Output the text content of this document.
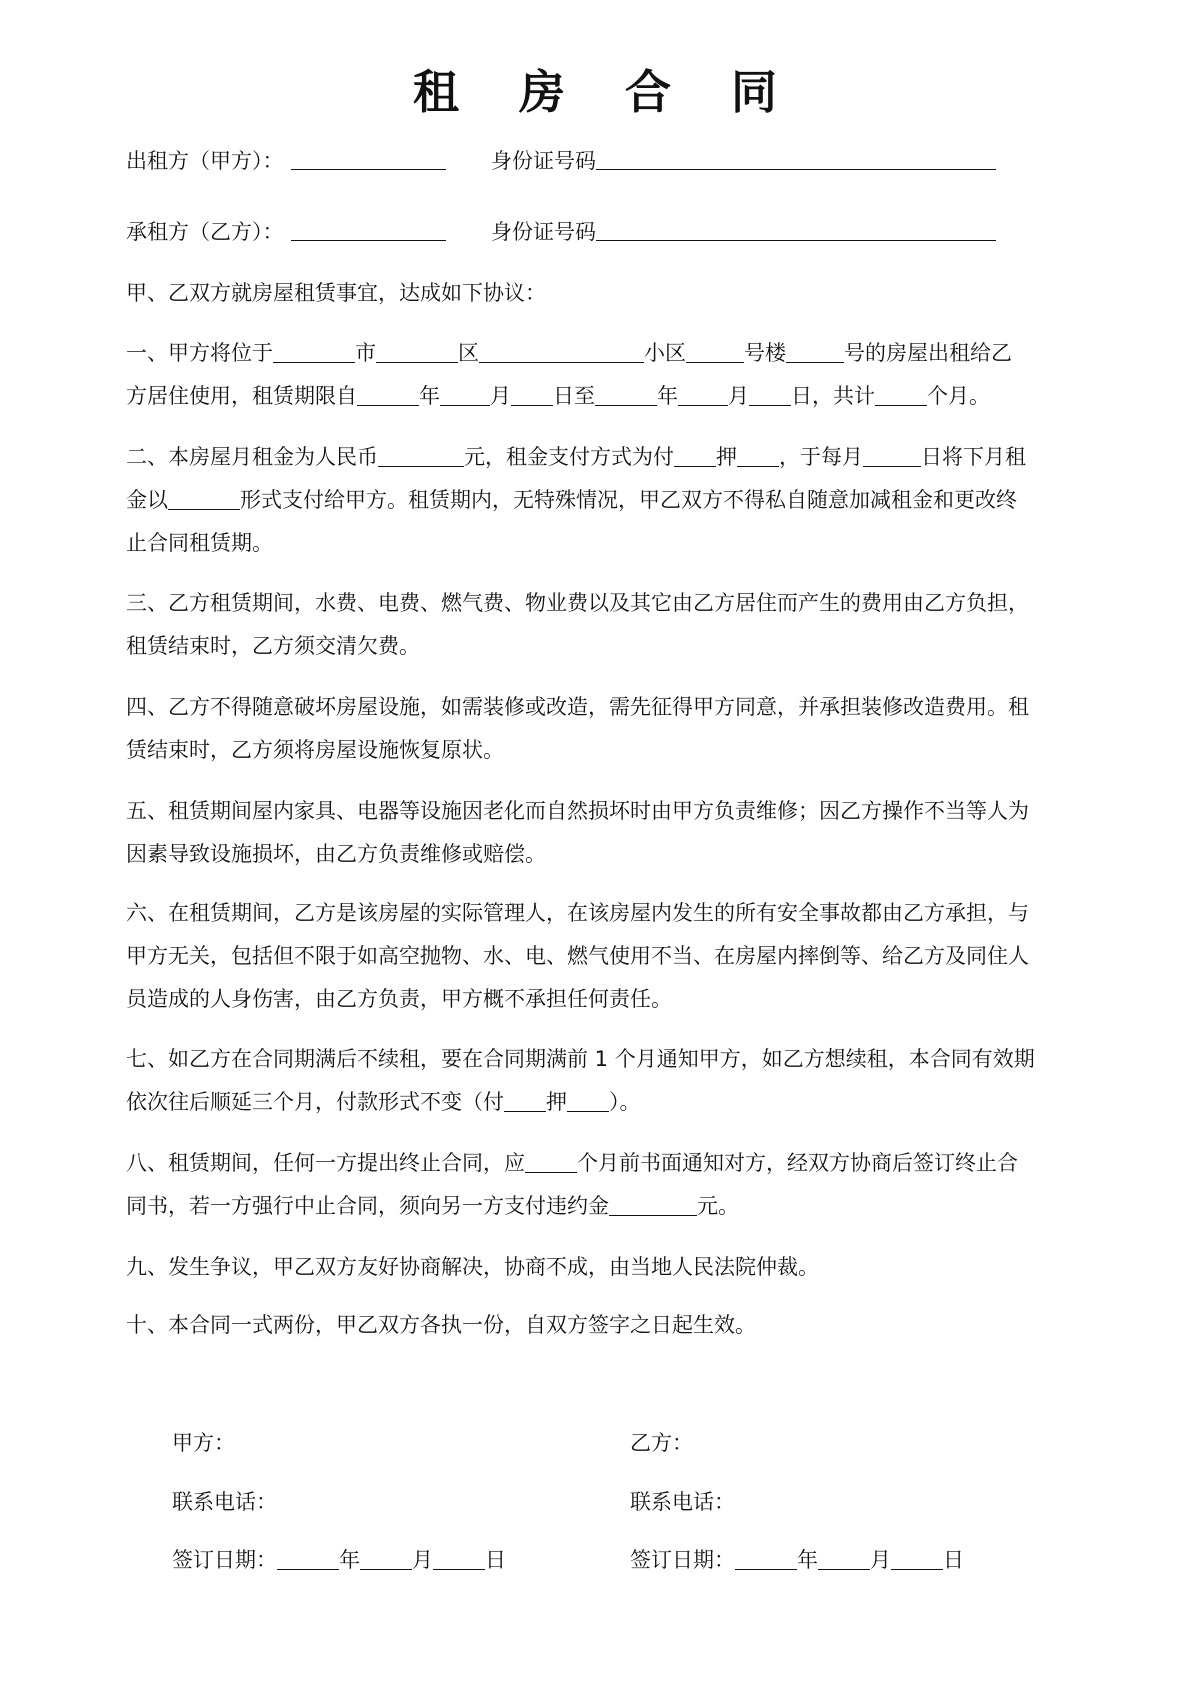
租 房 合 同
出租方（甲方）：	身份证号码
承租方（乙方）：	身份证号码
甲、乙双方就房屋租赁事宜，达成如下协议：
一、甲方将位于	市	区	小区	号楼	号的房屋出租给乙
方居住使用，租赁期限自	年 月 日至	年 月 日，共计 个月。
二、本房屋月租金为人民币	元，租金支付方式为付 押 ，于每月	日将下月租
金以	形式支付给甲方。租赁期内，无特殊情况，甲乙双方不得私自随意加减租金和更改终
止合同租赁期。
三、乙方租赁期间，水费、电费、燃气费、物业费以及其它由乙方居住而产生的费用由乙方负担，
租赁结束时，乙方须交清欠费。
四、乙方不得随意破坏房屋设施，如需装修或改造，需先征得甲方同意，并承担装修改造费用。租
赁结束时，乙方须将房屋设施恢复原状。
五、租赁期间屋内家具、电器等设施因老化而自然损坏时由甲方负责维修；因乙方操作不当等人为
因素导致设施损坏，由乙方负责维修或赔偿。
六、在租赁期间，乙方是该房屋的实际管理人，在该房屋内发生的所有安全事故都由乙方承担，与
甲方无关，包括但不限于如高空抛物、水、电、燃气使用不当、在房屋内摔倒等、给乙方及同住人
员造成的人身伤害，由乙方负责，甲方概不承担任何责任。
七、如乙方在合同期满后不续租，要在合同期满前 1 个月通知甲方，如乙方想续租，本合同有效期
依次往后顺延三个月，付款形式不变（付 押 ）。
八、租赁期间，任何一方提出终止合同，应 个月前书面通知对方，经双方协商后签订终止合
同书，若一方强行中止合同，须向另一方支付违约金	元。
九、发生争议，甲乙双方友好协商解决，协商不成，由当地人民法院仲裁。
十、本合同一式两份，甲乙双方各执一份，自双方签字之日起生效。
甲方：
联系电话：
签订日期：	年 月 日
乙方：
联系电话：
签订日期：	年 月 日
